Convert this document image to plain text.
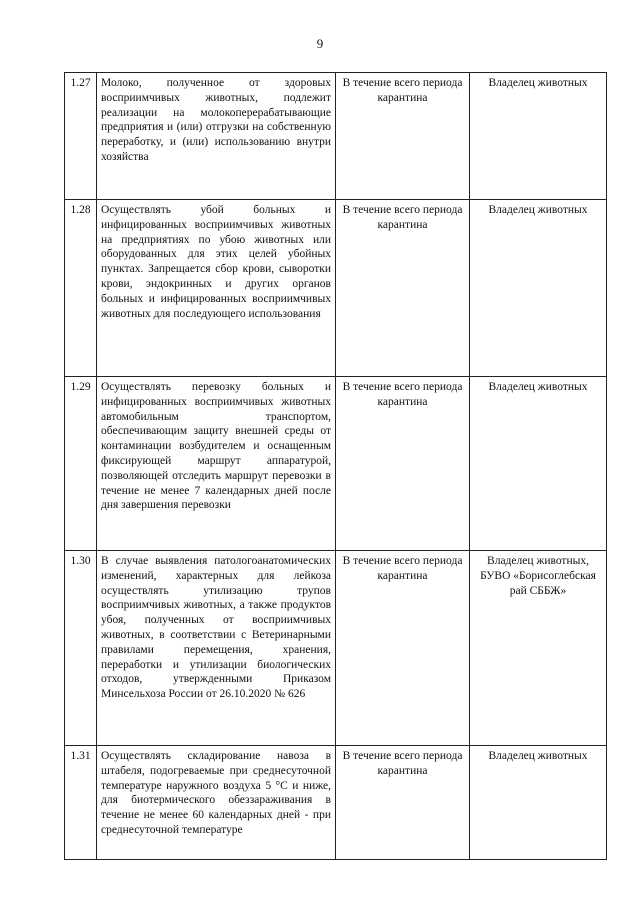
9
1.27	Молоко, полученное от здоровых восприимчивых животных, подлежит реализации на молокоперерабатывающие предприятия и (или) отгрузки на собственную переработку, и (или) использованию внутри хозяйства	В течение всего периода карантина	Владелец животных
1.28	Осуществлять убой больных и инфицированных восприимчивых животных на предприятиях по убою животных или оборудованных для этих целей убойных пунктах. Запрещается сбор крови, сыворотки крови, эндокринных и других органов больных и инфицированных восприимчивых животных для последующего использования	В течение всего периода карантина	Владелец животных
1.29	Осуществлять перевозку больных и инфицированных восприимчивых животных автомобильным транспортом, обеспечивающим защиту внешней среды от контаминации возбудителем и оснащенным фиксирующей маршрут аппаратурой, позволяющей отследить маршрут перевозки в течение не менее 7 календарных дней после дня завершения перевозки	В течение всего периода карантина	Владелец животных
1.30	В случае выявления патологоанатомических изменений, характерных для лейкоза осуществлять утилизацию трупов восприимчивых животных, а также продуктов убоя, полученных от восприимчивых животных, в соответствии с Ветеринарными правилами перемещения, хранения, переработки и утилизации биологических отходов, утвержденными Приказом Минсельхоза России от 26.10.2020 № 626	В течение всего периода карантина	Владелец животных, БУВО «Борисоглебская рай СББЖ»
1.31	Осуществлять складирование навоза в штабеля, подогреваемые при среднесуточной температуре наружного воздуха 5 °С и ниже, для биотермического обеззараживания в течение не менее 60 календарных дней - при среднесуточной температуре	В течение всего периода карантина	Владелец животных
